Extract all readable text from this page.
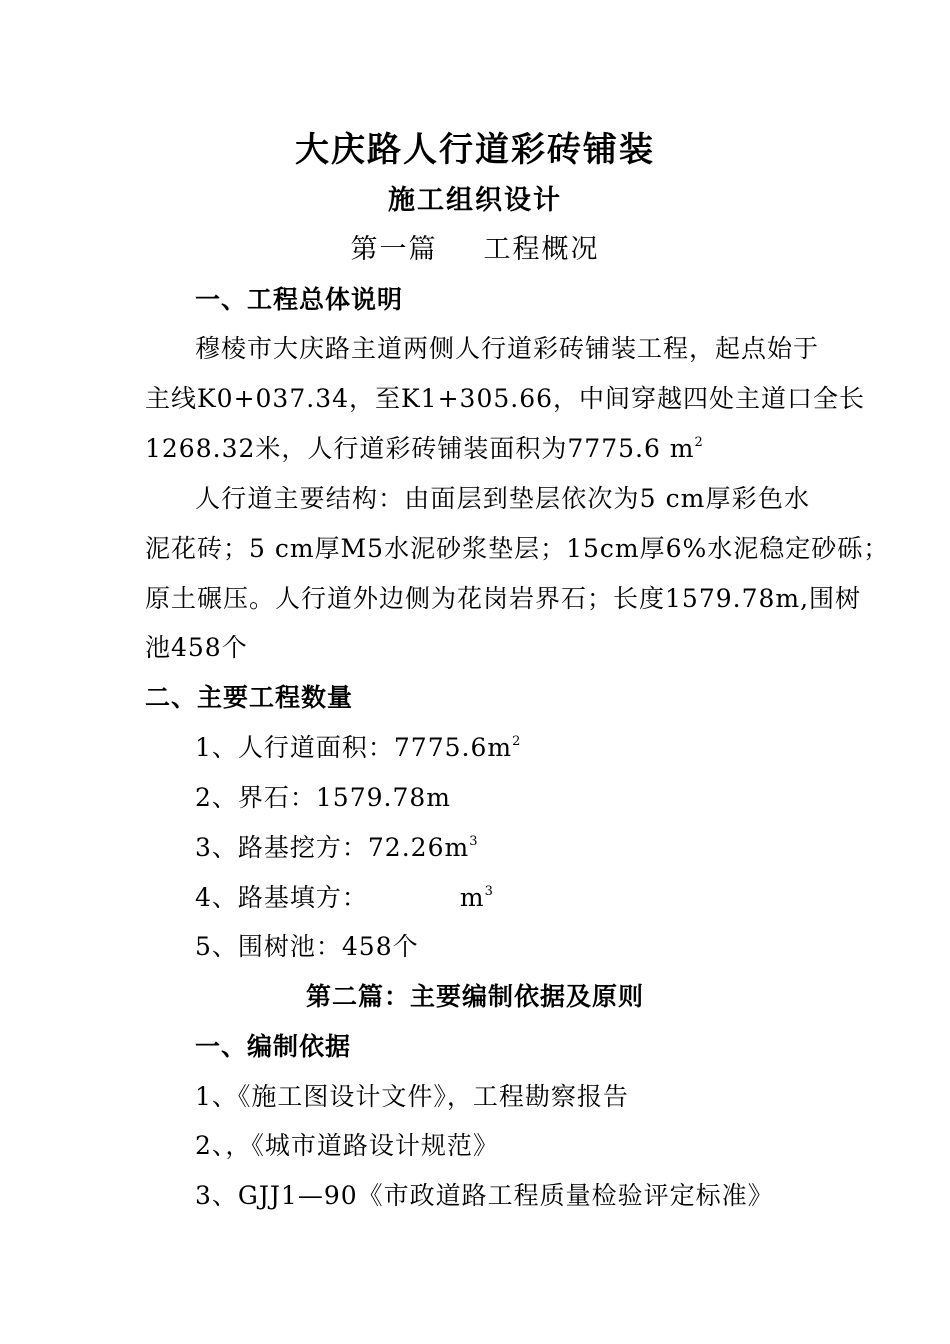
大庆路人行道彩砖铺装
施工组织设计
第一篇 工程概况
一、工程总体说明
穆棱市大庆路主道两侧人行道彩砖铺装工程，起点始于
主线K0+037.34，至K1+305.66，中间穿越四处主道口全长
1268.32米，人行道彩砖铺装面积为7775.6 $m^2$
人行道主要结构：由面层到垫层依次为5 cm厚彩色水
泥花砖；5 cm厚M5水泥砂浆垫层；15cm厚6%水泥稳定砂砾；
原土碾压。人行道外边侧为花岗岩界石；长度1579.78m,围树
池458个
二、主要工程数量
1、人行道面积：$7775.6m^2$
2、界石：1579.78m
3、路基挖方：$72.26m^3$
4、路基填方：	$m^3$
5、围树池：458个
第二篇：主要编制依据及原则
一、编制依据
1、《施工图设计文件》，工程勘察报告
2、，《城市道路设计规范》
3、GJJ1—90《市政道路工程质量检验评定标准》
